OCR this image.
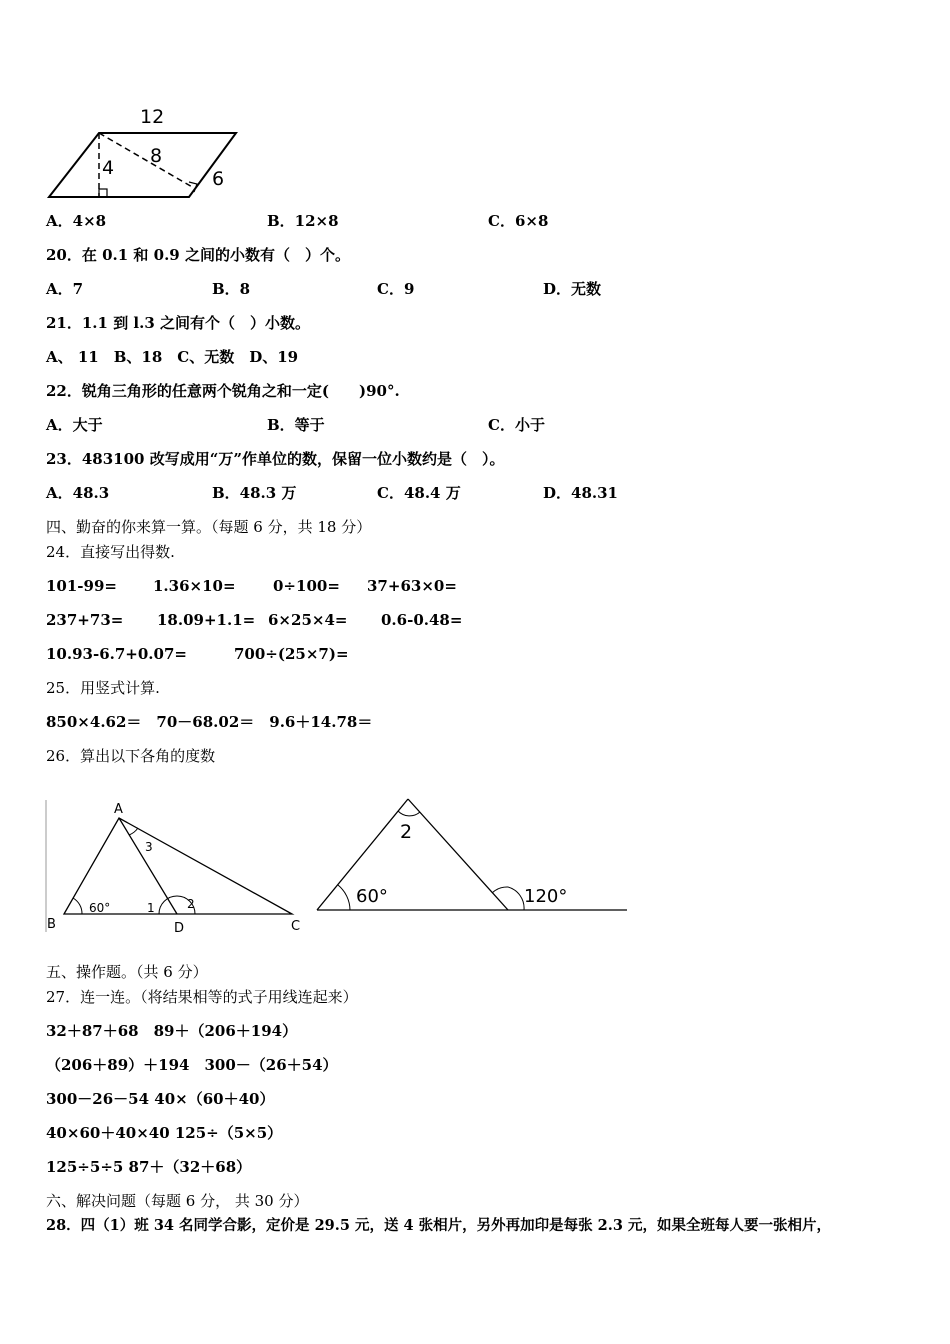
12
8
4	6
A．4×8	B．12×8	C．6×8
20．在 0.1 和 0.9 之间的小数有（　）个。
A．7	B．8	C．9	D．无数
21．1.1 到 l.3 之间有个（　）小数。
A、 11　B、18　C、无数　D、19
22．锐角三角形的任意两个锐角之和一定(　　)90°.
A．大于	B．等于	C．小于
23．483100 改写成用“万”作单位的数，保留一位小数约是（　）。
A．48.3	B．48.3 万	C．48.4 万	D．48.31
四、勤奋的你来算一算。（每题 6 分，共 18 分）
24．直接写出得数.
101-99= 1.36×10= 0÷100= 37+63×0=
237+73= 18.09+1.1= 6×25×4= 0.6-0.48=
10.93-6.7+0.07=	700÷(25×7)=
25．用竖式计算.
850×4.62＝　70－68.02＝　9.6＋14.78＝
26．算出以下各角的度数
A
B	C
D
60°	1	2
3
2
60°	120°
五、操作题。（共 6 分）
27．连一连。（将结果相等的式子用线连起来）
32＋87＋68　89＋（206＋194）
（206＋89）＋194　300－（26＋54）
300－26－54 40×（60＋40）
40×60＋40×40 125÷（5×5）
125÷5÷5 87＋（32＋68）
六、解决问题（每题 6 分， 共 30 分）
28．四（1）班 34 名同学合影，定价是 29.5 元，送 4 张相片，另外再加印是每张 2.3 元，如果全班每人要一张相片，
